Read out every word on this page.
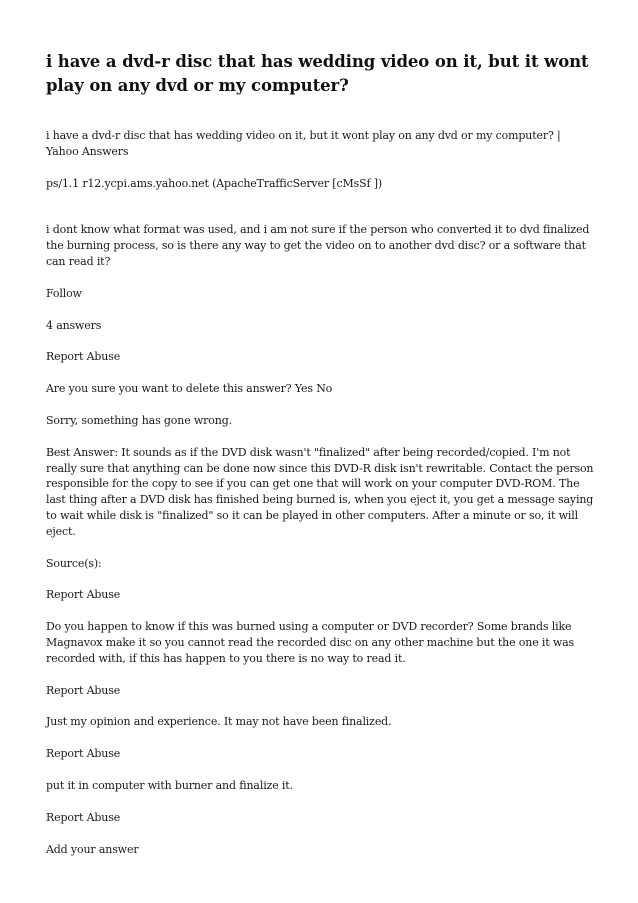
i have a dvd-r disc that has wedding video on it, but it wont play on any dvd or my computer?

i have a dvd-r disc that has wedding video on it, but it wont play on any dvd or my computer? | Yahoo Answers

ps/1.1 r12.ycpi.ams.yahoo.net (ApacheTrafficServer [cMsSf ])

i dont know what format was used, and i am not sure if the person who converted it to dvd finalized the burning process, so is there any way to get the video on to another dvd disc? or a software that can read it?

Follow

4 answers

Report Abuse

Are you sure you want to delete this answer? Yes No

Sorry, something has gone wrong.

Best Answer: It sounds as if the DVD disk wasn't "finalized" after being recorded/copied. I'm not really sure that anything can be done now since this DVD-R disk isn't rewritable. Contact the person responsible for the copy to see if you can get one that will work on your computer DVD-ROM. The last thing after a DVD disk has finished being burned is, when you eject it, you get a message saying to wait while disk is "finalized" so it can be played in other computers. After a minute or so, it will eject.

Source(s):

Report Abuse

Do you happen to know if this was burned using a computer or DVD recorder? Some brands like Magnavox make it so you cannot read the recorded disc on any other machine but the one it was recorded with, if this has happen to you there is no way to read it.

Report Abuse

Just my opinion and experience. It may not have been finalized.

Report Abuse

put it in computer with burner and finalize it.

Report Abuse

Add your answer
